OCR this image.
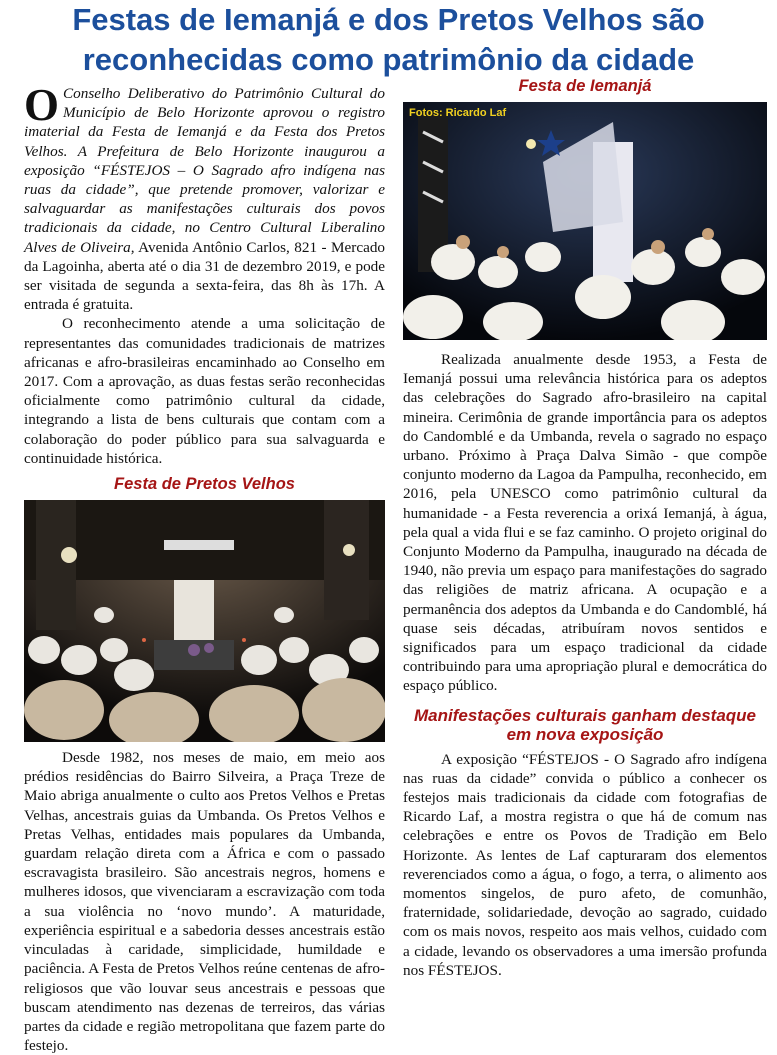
Festas de Iemanjá e dos Pretos Velhos são reconhecidas como patrimônio da cidade

O Conselho Deliberativo do Patrimônio Cultural do Município de Belo Horizonte aprovou o registro imaterial da Festa de Iemanjá e da Festa dos Pretos Velhos. A Prefeitura de Belo Horizonte inaugurou a exposição “FÉSTEJOS – O Sagrado afro indígena nas ruas da cidade”, que pretende promover, valorizar e salvaguardar as manifestações culturais dos povos tradicionais da cidade, no Centro Cultural Liberalino Alves de Oliveira, Avenida Antônio Carlos, 821 - Mercado da Lagoinha, aberta até o dia 31 de dezembro 2019, e pode ser visitada de segunda a sexta-feira, das 8h às 17h. A entrada é gratuita.

O reconhecimento atende a uma solicitação de representantes das comunidades tradicionais de matrizes africanas e afro-brasileiras encaminhado ao Conselho em 2017. Com a aprovação, as duas festas serão reconhecidas oficialmente como patrimônio cultural da cidade, integrando a lista de bens culturais que contam com a colaboração do poder público para sua salvaguarda e continuidade histórica.

Festa de Pretos Velhos

Desde 1982, nos meses de maio, em meio aos prédios residências do Bairro Silveira, a Praça Treze de Maio abriga anualmente o culto aos Pretos Velhos e Pretas Velhas, ancestrais guias da Umbanda. Os Pretos Velhos e Pretas Velhas, entidades mais populares da Umbanda, guardam relação direta com a África e com o passado escravagista brasileiro. São ancestrais negros, homens e mulheres idosos, que vivenciaram a escravização com toda a sua violência no ‘novo mundo’. A maturidade, experiência espiritual e a sabedoria desses ancestrais estão vinculadas à caridade, simplicidade, humildade e paciência. A Festa de Pretos Velhos reúne centenas de afro-religiosos que vão louvar seus ancestrais e pessoas que buscam atendimento nas dezenas de terreiros, das várias partes da cidade e região metropolitana que fazem parte do festejo.

Festa de Iemanjá
Fotos: Ricardo Laf

Realizada anualmente desde 1953, a Festa de Iemanjá possui uma relevância histórica para os adeptos das celebrações do Sagrado afro-brasileiro na capital mineira. Cerimônia de grande importância para os adeptos do Candomblé e da Umbanda, revela o sagrado no espaço urbano. Próximo à Praça Dalva Simão - que compõe conjunto moderno da Lagoa da Pampulha, reconhecido, em 2016, pela UNESCO como patrimônio cultural da humanidade - a Festa reverencia a orixá Iemanjá, à água, pela qual a vida flui e se faz caminho. O projeto original do Conjunto Moderno da Pampulha, inaugurado na década de 1940, não previa um espaço para manifestações do sagrado das religiões de matriz africana. A ocupação e a permanência dos adeptos da Umbanda e do Candomblé, há quase seis décadas, atribuíram novos sentidos e significados para um espaço tradicional da cidade contribuindo para uma apropriação plural e democrática do espaço público.

Manifestações culturais ganham destaque em nova exposição

A exposição “FÉSTEJOS - O Sagrado afro indígena nas ruas da cidade” convida o público a conhecer os festejos mais tradicionais da cidade com fotografias de Ricardo Laf, a mostra registra o que há de comum nas celebrações e entre os Povos de Tradição em Belo Horizonte. As lentes de Laf capturaram dos elementos reverenciados como a água, o fogo, a terra, o alimento aos momentos singelos, de puro afeto, de comunhão, fraternidade, solidariedade, devoção ao sagrado, cuidado com os mais novos, respeito aos mais velhos, cuidado com a cidade, levando os observadores a uma imersão profunda nos FÉSTEJOS.
